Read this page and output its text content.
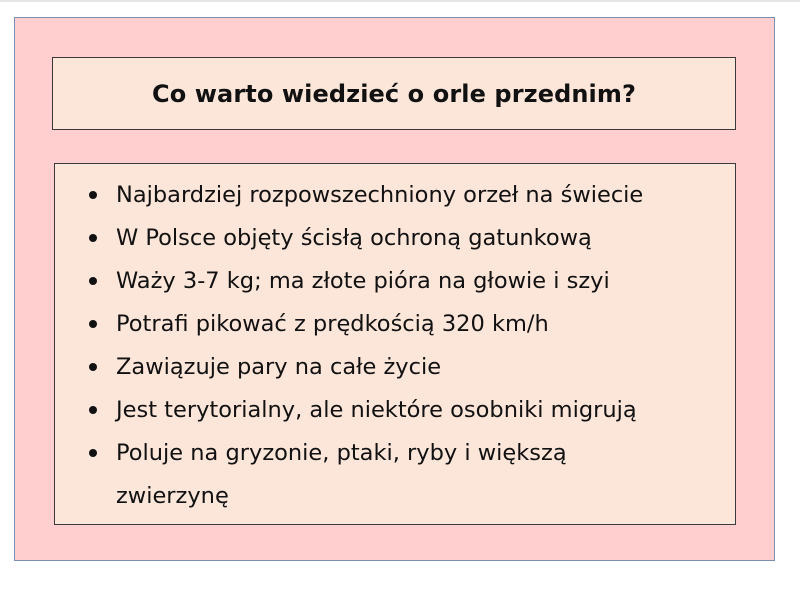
Co warto wiedzieć o orle przednim?
Najbardziej rozpowszechniony orzeł na świecie
W Polsce objęty ścisłą ochroną gatunkową
Waży 3-7 kg; ma złote pióra na głowie i szyi
Potrafi pikować z prędkością 320 km/h
Zawiązuje pary na całe życie
Jest terytorialny, ale niektóre osobniki migrują
Poluje na gryzonie, ptaki, ryby i większą zwierzynę
